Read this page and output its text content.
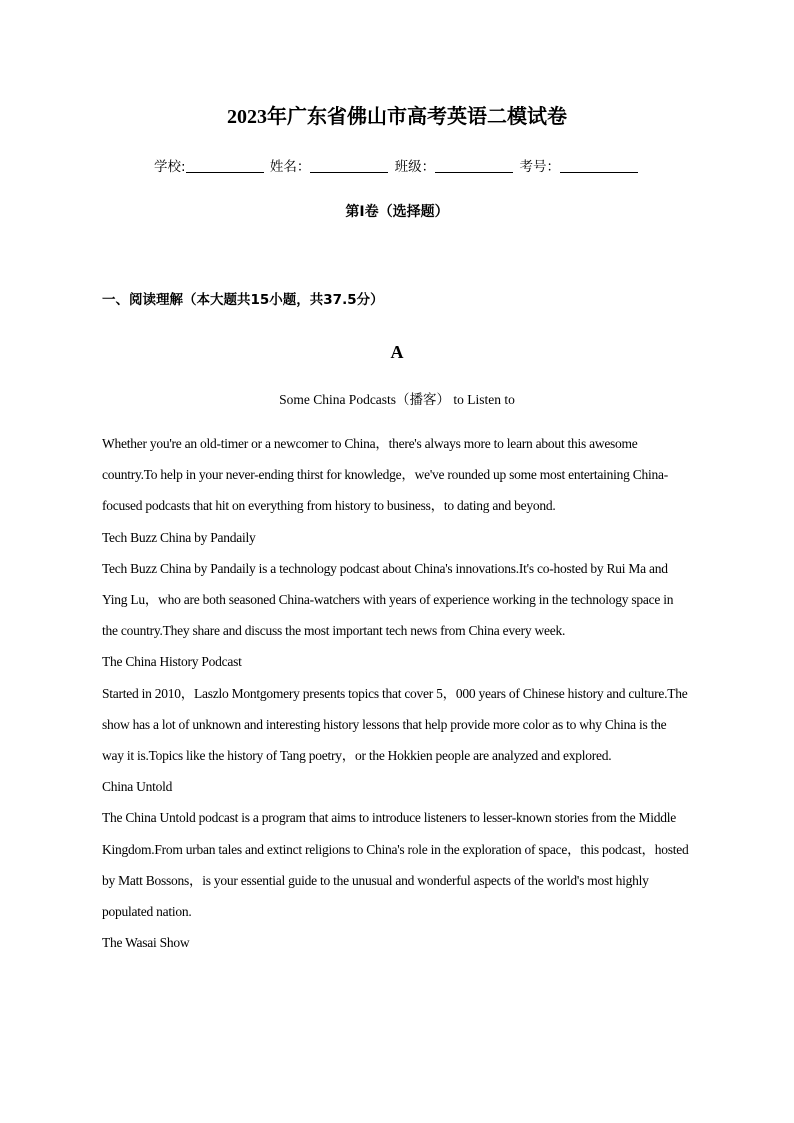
2023年广东省佛山市高考英语二模试卷
学校:	姓名：	班级：	考号：
第I卷（选择题）
一、阅读理解（本大题共15小题，共37.5分）
A
Some China Podcasts（播客） to Listen to

Whether you're an old-timer or a newcomer to China，there's always more to learn about this awesome country.To help in your never-ending thirst for knowledge，we've rounded up some most entertaining China-focused podcasts that hit on everything from history to business，to dating and beyond.

Tech Buzz China by Pandaily

Tech Buzz China by Pandaily is a technology podcast about China's innovations.It's co-hosted by Rui Ma and Ying Lu，who are both seasoned China-watchers with years of experience working in the technology space in the country.They share and discuss the most important tech news from China every week.

The China History Podcast

Started in 2010，Laszlo Montgomery presents topics that cover 5，000 years of Chinese history and culture.The show has a lot of unknown and interesting history lessons that help provide more color as to why China is the way it is.Topics like the history of Tang poetry，or the Hokkien people are analyzed and explored.

China Untold

The China Untold podcast is a program that aims to introduce listeners to lesser-known stories from the Middle Kingdom.From urban tales and extinct religions to China's role in the exploration of space，this podcast，hosted by Matt Bossons，is your essential guide to the unusual and wonderful aspects of the world's most highly populated nation.

The Wasai Show
